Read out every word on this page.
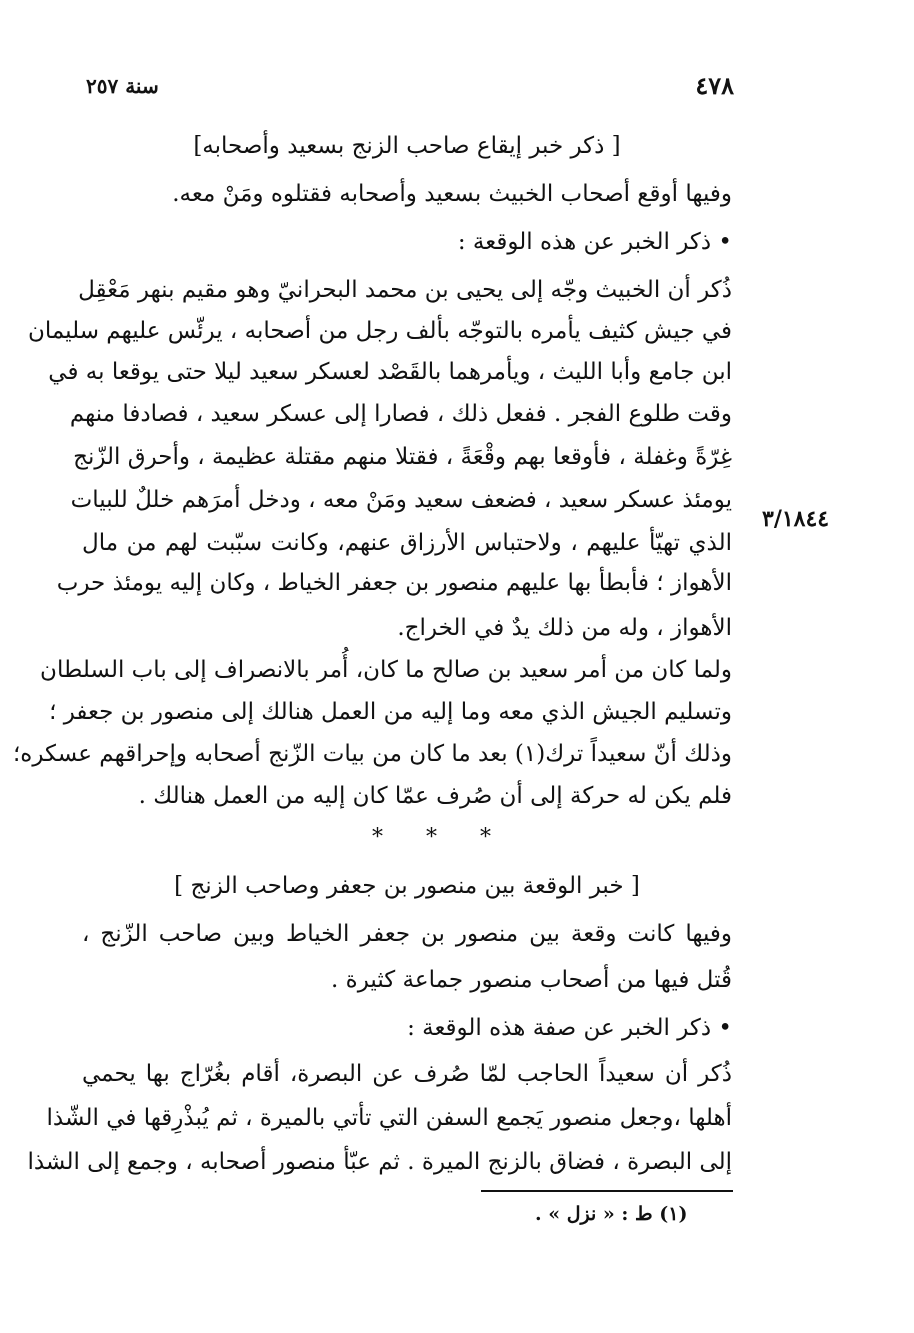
٤٧٨
سنة ٢٥٧
٣/١٨٤٤
[ ذكر خبر إيقاع صاحب الزنج بسعيد وأصحابه]
وفيها أوقع أصحاب الخبيث بسعيد وأصحابه فقتلوه ومَنْ معه.
• ذكر الخبر عن هذه الوقعة :
ذُكر أن الخبيث وجّه إلى يحيى بن محمد البحرانيّ وهو مقيم بنهر مَعْقِل
في جيش كثيف يأمره بالتوجّه بألف رجل من أصحابه ، يرئّس عليهم سليمان
ابن جامع وأبا الليث ، ويأمرهما بالقَصْد لعسكر سعيد ليلا حتى يوقعا به في
وقت طلوع الفجر . ففعل ذلك ، فصارا إلى عسكر سعيد ، فصادفا منهم
غِرّةً وغفلة ، فأوقعا بهم وقْعَةً ، فقتلا منهم مقتلة عظيمة ، وأحرق الزّنج
يومئذ عسكر سعيد ، فضعف سعيد ومَنْ معه ، ودخل أمرَهم خللٌ للبيات
الذي تهيّأ عليهم ، ولاحتباس الأرزاق عنهم، وكانت سبّبت لهم من مال
الأهواز ؛ فأبطأ بها عليهم منصور بن جعفر الخياط ، وكان إليه يومئذ حرب
الأهواز ، وله من ذلك يدٌ في الخراج.
ولما كان من أمر سعيد بن صالح ما كان، أُمر بالانصراف إلى باب السلطان
وتسليم الجيش الذي معه وما إليه من العمل هنالك إلى منصور بن جعفر ؛
وذلك أنّ سعيداً ترك(١) بعد ما كان من بيات الزّنج أصحابه وإحراقهم عسكره؛
فلم يكن له حركة إلى أن صُرف عمّا كان إليه من العمل هنالك .
* * *
[ خبر الوقعة بين منصور بن جعفر وصاحب الزنج ]
وفيها كانت وقعة بين منصور بن جعفر الخياط وبين صاحب الزّنج ،
قُتل فيها من أصحاب منصور جماعة كثيرة .
• ذكر الخبر عن صفة هذه الوقعة :
ذُكر أن سعيداً الحاجب لمّا صُرف عن البصرة، أقام بغُرّاج بها يحمي
أهلها ،وجعل منصور يَجمع السفن التي تأتي بالميرة ، ثم يُبذْرِقها في الشّذا
إلى البصرة ، فضاق بالزنج الميرة . ثم عبّأ منصور أصحابه ، وجمع إلى الشذا
(١) ط : « نزل » .
